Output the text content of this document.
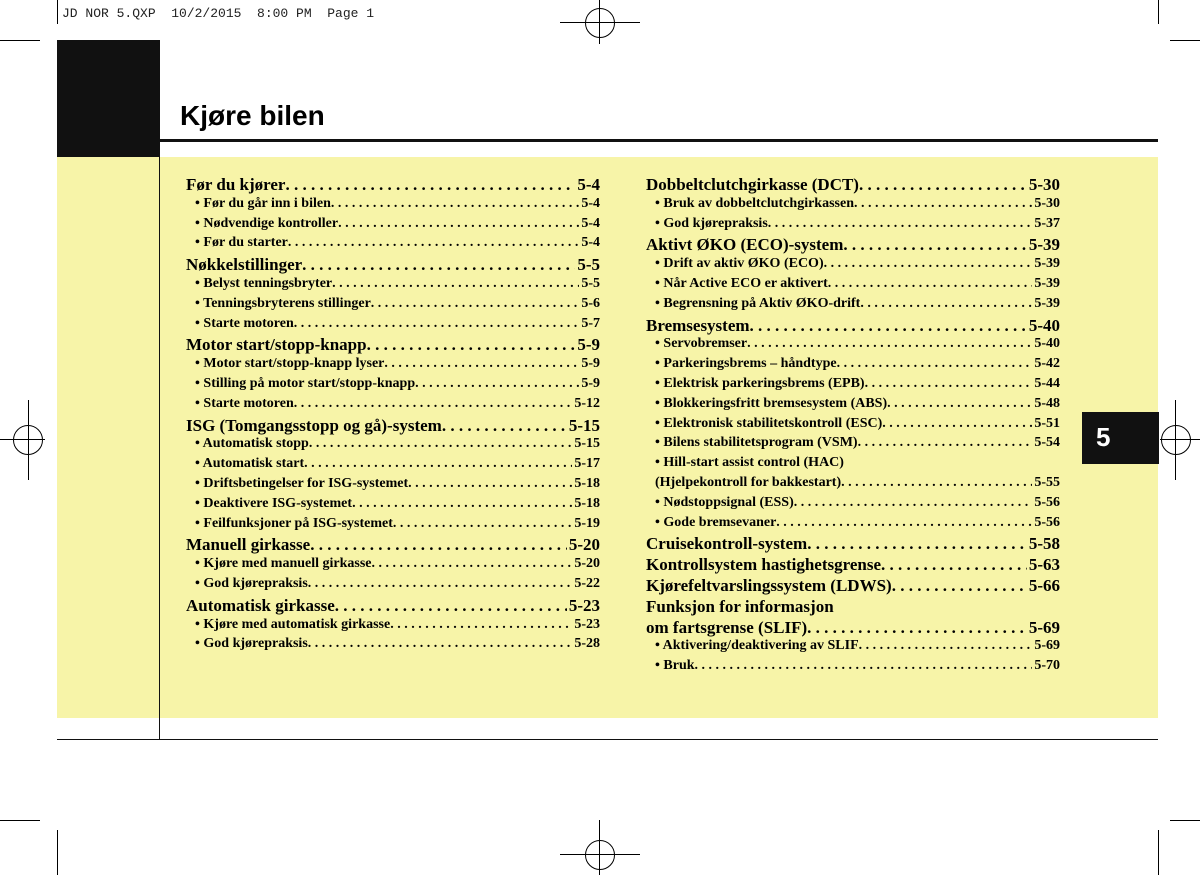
JD NOR 5.QXP  10/2/2015  8:00 PM  Page 1
Kjøre bilen
Før du kjører . . .	5-4
• Før du går inn i bilen . . .	5-4
• Nødvendige kontroller . . .	5-4
• Før du starter . . .	5-4
Nøkkelstillinger . . .	5-5
• Belyst tenningsbryter . . .	5-5
• Tenningsbryterens stillinger . . .	5-6
• Starte motoren . . .	5-7
Motor start/stopp-knapp . . .	5-9
• Motor start/stopp-knapp lyser . . .	5-9
• Stilling på motor start/stopp-knapp . . .	5-9
• Starte motoren . . .	5-12
ISG (Tomgangsstopp og gå)-system . . .	5-15
• Automatisk stopp . . .	5-15
• Automatisk start . . .	5-17
• Driftsbetingelser for ISG-systemet . . .	5-18
• Deaktivere ISG-systemet . . .	5-18
• Feilfunksjoner på ISG-systemet . . .	5-19
Manuell girkasse . . .	5-20
• Kjøre med manuell girkasse . . .	5-20
• God kjørepraksis . . .	5-22
Automatisk girkasse . . .	5-23
• Kjøre med automatisk girkasse . . .	5-23
• God kjørepraksis . . .	5-28
Dobbeltclutchgirkasse (DCT) . . .	5-30
• Bruk av dobbeltclutchgirkassen . . .	5-30
• God kjørepraksis . . .	5-37
Aktivt ØKO (ECO)-system . . .	5-39
• Drift av aktiv ØKO (ECO) . . .	5-39
• Når Active ECO er aktivert . . .	5-39
• Begrensning på Aktiv ØKO-drift . . .	5-39
Bremsesystem . . .	5-40
• Servobremser . . .	5-40
• Parkeringsbrems – håndtype . . .	5-42
• Elektrisk parkeringsbrems (EPB) . . .	5-44
• Blokkeringsfritt bremsesystem (ABS) . . .	5-48
• Elektronisk stabilitetskontroll (ESC) . . .	5-51
• Bilens stabilitetsprogram (VSM) . . .	5-54
• Hill-start assist control (HAC)
(Hjelpekontroll for bakkestart) . . .	5-55
• Nødstoppsignal (ESS) . . .	5-56
• Gode bremsevaner . . .	5-56
Cruisekontroll-system . . .	5-58
Kontrollsystem hastighetsgrense . . .	5-63
Kjørefeltvarslingssystem (LDWS) . . .	5-66
Funksjon for informasjon
om fartsgrense (SLIF) . . .	5-69
• Aktivering/deaktivering av SLIF . . .	5-69
• Bruk . . .	5-70
5
